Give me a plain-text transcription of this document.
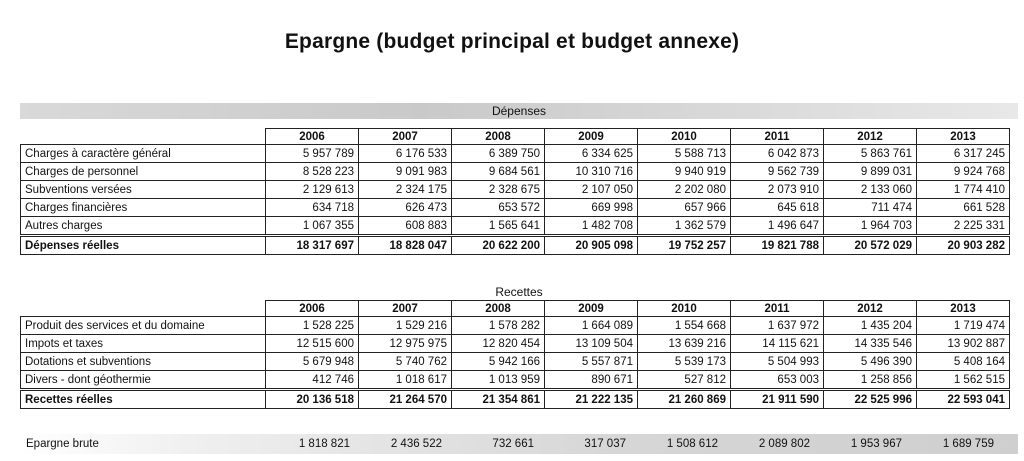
Epargne (budget principal et budget annexe)
Dépenses
	2006	2007	2008	2009	2010	2011	2012	2013
Charges à caractère général	5 957 789	6 176 533	6 389 750	6 334 625	5 588 713	6 042 873	5 863 761	6 317 245
Charges de personnel	8 528 223	9 091 983	9 684 561	10 310 716	9 940 919	9 562 739	9 899 031	9 924 768
Subventions versées	2 129 613	2 324 175	2 328 675	2 107 050	2 202 080	2 073 910	2 133 060	1 774 410
Charges financières	634 718	626 473	653 572	669 998	657 966	645 618	711 474	661 528
Autres charges	1 067 355	608 883	1 565 641	1 482 708	1 362 579	1 496 647	1 964 703	2 225 331
Dépenses réelles	18 317 697	18 828 047	20 622 200	20 905 098	19 752 257	19 821 788	20 572 029	20 903 282
Recettes
	2006	2007	2008	2009	2010	2011	2012	2013
Produit des services et du domaine	1 528 225	1 529 216	1 578 282	1 664 089	1 554 668	1 637 972	1 435 204	1 719 474
Impots et taxes	12 515 600	12 975 975	12 820 454	13 109 504	13 639 216	14 115 621	14 335 546	13 902 887
Dotations et subventions	5 679 948	5 740 762	5 942 166	5 557 871	5 539 173	5 504 993	5 496 390	5 408 164
Divers - dont géothermie	412 746	1 018 617	1 013 959	890 671	527 812	653 003	1 258 856	1 562 515
Recettes réelles	20 136 518	21 264 570	21 354 861	21 222 135	21 260 869	21 911 590	22 525 996	22 593 041
Epargne brute	1 818 821	2 436 522	732 661	317 037	1 508 612	2 089 802	1 953 967	1 689 759
